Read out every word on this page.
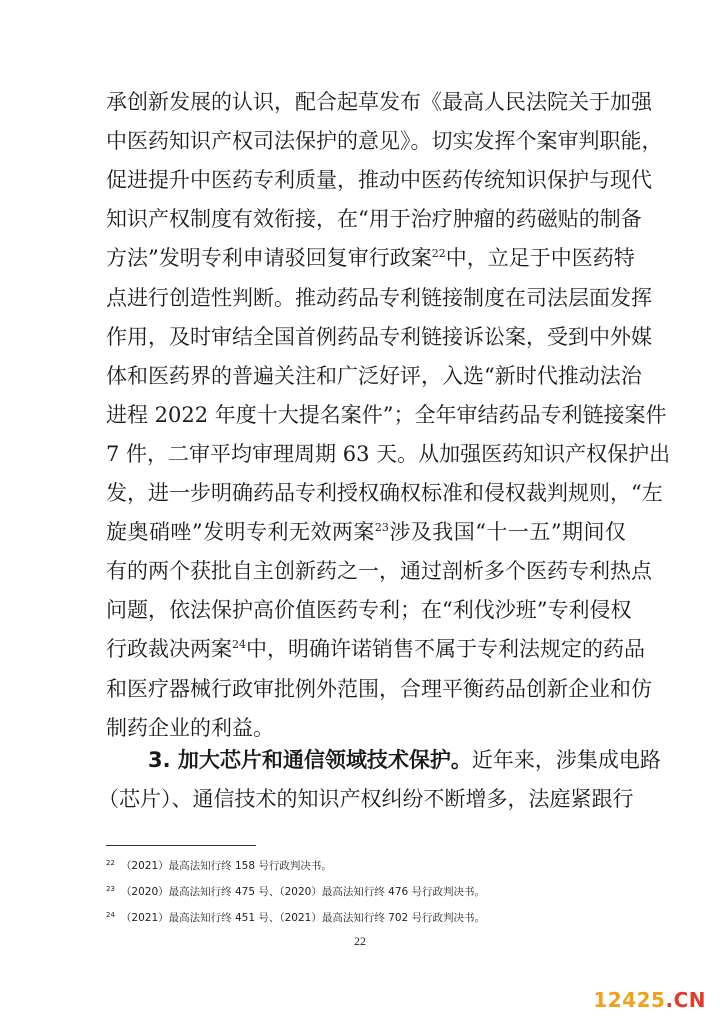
承创新发展的认识，配合起草发布《最高人民法院关于加强
中医药知识产权司法保护的意见》。切实发挥个案审判职能，
促进提升中医药专利质量，推动中医药传统知识保护与现代
知识产权制度有效衔接，在“用于治疗肿瘤的药磁贴的制备
方法”发明专利申请驳回复审行政案$^{22}$中，立足于中医药特
点进行创造性判断。推动药品专利链接制度在司法层面发挥
作用，及时审结全国首例药品专利链接诉讼案，受到中外媒
体和医药界的普遍关注和广泛好评，入选“新时代推动法治
进程 2022 年度十大提名案件”；全年审结药品专利链接案件
7 件，二审平均审理周期 63 天。从加强医药知识产权保护出
发，进一步明确药品专利授权确权标准和侵权裁判规则，“左
旋奥硝唑”发明专利无效两案$^{23}$涉及我国“十一五”期间仅
有的两个获批自主创新药之一，通过剖析多个医药专利热点
问题，依法保护高价值医药专利；在“利伐沙班”专利侵权
行政裁决两案$^{24}$中，明确许诺销售不属于专利法规定的药品
和医疗器械行政审批例外范围，合理平衡药品创新企业和仿
制药企业的利益。
3. 加大芯片和通信领域技术保护。近年来，涉集成电路
（芯片）、通信技术的知识产权纠纷不断增多，法庭紧跟行
$^{22}$ （2021）最高法知行终 158 号行政判决书。
$^{23}$ （2020）最高法知行终 475 号、（2020）最高法知行终 476 号行政判决书。
$^{24}$ （2021）最高法知行终 451 号、（2021）最高法知行终 702 号行政判决书。
22
12425.CN
